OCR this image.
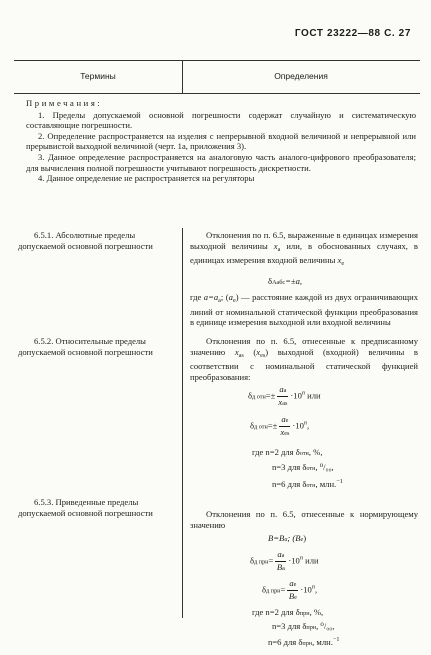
ГОСТ 23222—88 С. 27
Термины	Определения
Примечания:

1. Пределы допускаемой основной погрешности содержат случайную и систематическую составляющие погрешности.

2. Определение распространяется на изделия с непрерывной входной величиной и непрерывной или прерывистой выходной величиной (черт. 1а, приложения 3).

3. Данное определение распространяется на аналоговую часть аналого-цифрового преобразователя; для вычисления полной погрешности учитывают погрешность дискретности.

4. Данное определение не распространяется на регуляторы

6.5.1. Абсолютные пределы допускаемой основной погрешности

Отклонения по п. 6.5, выраженные в единицах измерения выходной величины $x_а$ или, в обоснованных случаях, в единицах измерения входной величины $x_e$

δАабс=±a,

где $a=a_a$; $(a_e)$ — расстояние каждой из двух ограничивающих линий от номинальной статической функции преобразования в единице измерения выходной или входной величины

6.5.2. Относительные пределы допускаемой основной погрешности

Отклонения по п. 6.5, отнесенные к предписанному значению $x_{as}$ $(x_{es})$ выходной (входной) величины в соответствии с номинальной статической функцией преобразования:

δд $отн=\pm \frac{aa}{\text{xas}} \cdot 10^n$ или
δд $отн=\pm \frac{ae}{\text{xes}} \cdot 10^n$,
где n=2 для δотн, %,
n=3 для δотн, ⁰/₀₀,
n=6 для δотн, млн.$^{-1}$

6.5.3. Приведенные пределы допускаемой основной погрешности	Отклонения по п. 6.5, отнесенные к нормирующему значению

B=Ba; (Be)
δд $прн= \frac{aa}{Ba} \cdot 10^n$ или
δд $прн= \frac{ae}{Be} \cdot 10^n$,
где n=2 для δпрн, %,
n=3 для δпрн, ⁰/₀₀,
n=6 для δпрн, млн.$^{-1}$
